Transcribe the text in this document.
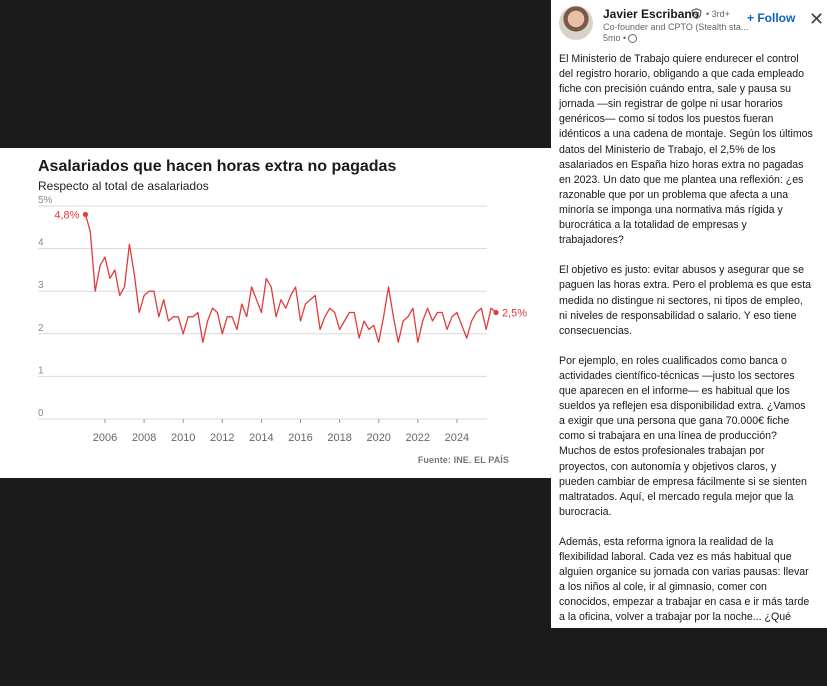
0
1
2
3
4
5%
2006 2008 2010 2012 2014 2016 2018 2020 2022 2024
4,8%
2,5%
Asalariados que hacen horas extra no pagadas
Respecto al total de asalariados
Fuente: INE. EL PAÍS
Javier Escribano • 3rd+
Co-founder and CPTO (Stealth sta...
5mo •
+ Follow ✕

El Ministerio de Trabajo quiere endurecer el control del registro horario, obligando a que cada empleado fiche con precisión cuándo entra, sale y pausa su jornada —sin registrar de golpe ni usar horarios genéricos— como si todos los puestos fueran idénticos a una cadena de montaje. Según los últimos datos del Ministerio de Trabajo, el 2,5% de los asalariados en España hizo horas extra no pagadas en 2023. Un dato que me plantea una reflexión: ¿es razonable que por un problema que afecta a una minoría se imponga una normativa más rígida y burocrática a la totalidad de empresas y trabajadores?

El objetivo es justo: evitar abusos y asegurar que se paguen las horas extra. Pero el problema es que esta medida no distingue ni sectores, ni tipos de empleo, ni niveles de responsabilidad o salario. Y eso tiene consecuencias.

Por ejemplo, en roles cualificados como banca o actividades científico-técnicas —justo los sectores que aparecen en el informe— es habitual que los sueldos ya reflejen esa disponibilidad extra. ¿Vamos a exigir que una persona que gana 70.000€ fiche como si trabajara en una línea de producción? Muchos de estos profesionales trabajan por proyectos, con autonomía y objetivos claros, y pueden cambiar de empresa fácilmente si se sienten maltratados. Aquí, el mercado regula mejor que la burocracia.

Además, esta reforma ignora la realidad de la flexibilidad laboral. Cada vez es más habitual que alguien organice su jornada con varias pausas: llevar a los niños al cole, ir al gimnasio, comer con conocidos, empezar a trabajar en casa e ir más tarde a la oficina, volver a trabajar por la noche... ¿Qué pasa si alguien se olvida de fichar y luego quiere ajustario? ¿Está manipulando el registro? Y peor aún: ¿vamos a impedir
